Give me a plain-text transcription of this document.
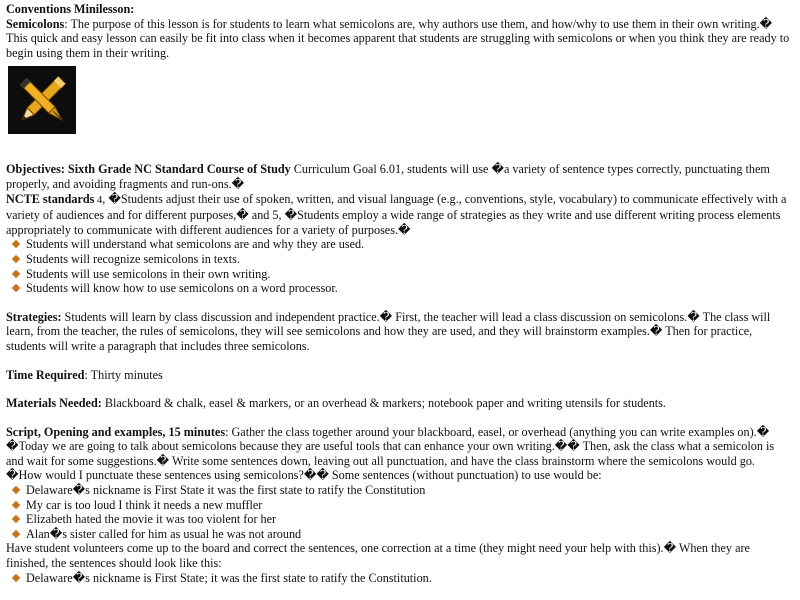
Conventions Minilesson:

Semicolons: The purpose of this lesson is for students to learn what semicolons are, why authors use them, and how/why to use them in their own writing.� This quick and easy lesson can easily be fit into class when it becomes apparent that students are struggling with semicolons or when you think they are ready to begin using them in their writing.

Objectives: Sixth Grade NC Standard Course of Study Curriculum Goal 6.01, students will use �a variety of sentence types correctly, punctuating them properly, and avoiding fragments and run-ons.�

NCTE standards 4, �Students adjust their use of spoken, written, and visual language (e.g., conventions, style, vocabulary) to communicate effectively with a variety of audiences and for different purposes,� and 5, �Students employ a wide range of strategies as they write and use different writing process elements appropriately to communicate with different audiences for a variety of purposes.�

Students will understand what semicolons are and why they are used.
Students will recognize semicolons in texts.
Students will use semicolons in their own writing.
Students will know how to use semicolons on a word processor.

Strategies: Students will learn by class discussion and independent practice.� First, the teacher will lead a class discussion on semicolons.� The class will learn, from the teacher, the rules of semicolons, they will see semicolons and how they are used, and they will brainstorm examples.� Then for practice, students will write a paragraph that includes three semicolons.

Time Required: Thirty minutes

Materials Needed: Blackboard & chalk, easel & markers, or an overhead & markers; notebook paper and writing utensils for students.

Script, Opening and examples, 15 minutes: Gather the class together around your blackboard, easel, or overhead (anything you can write examples on).� �Today we are going to talk about semicolons because they are useful tools that can enhance your own writing.�� Then, ask the class what a semicolon is and wait for some suggestions.� Write some sentences down, leaving out all punctuation, and have the class brainstorm where the semicolons would go. �How would I punctuate these sentences using semicolons?�� Some sentences (without punctuation) to use would be:

Delaware�s nickname is First State it was the first state to ratify the Constitution
My car is too loud I think it needs a new muffler
Elizabeth hated the movie it was too violent for her
Alan�s sister called for him as usual he was not around

Have student volunteers come up to the board and correct the sentences, one correction at a time (they might need your help with this).� When they are finished, the sentences should look like this:

Delaware�s nickname is First State; it was the first state to ratify the Constitution.
